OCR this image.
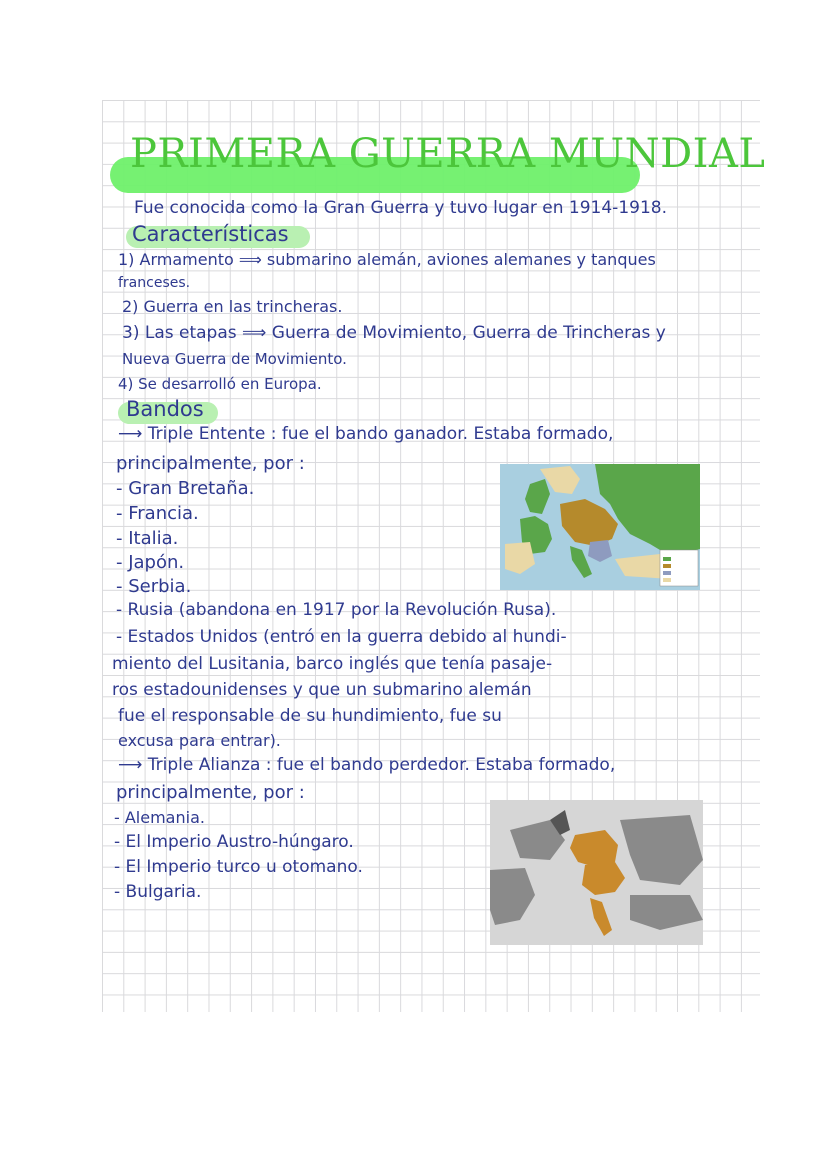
PRIMERA GUERRA MUNDIAL
Fue conocida como la Gran Guerra y tuvo lugar en 1914-1918.
Características
1) Armamento ⟹ submarino alemán, aviones alemanes y tanques
franceses.
2) Guerra en las trincheras.
3) Las etapas ⟹ Guerra de Movimiento, Guerra de Trincheras y
Nueva Guerra de Movimiento.
4) Se desarrolló en Europa.
Bandos
⟶ Triple Entente : fue el bando ganador. Estaba formado,
principalmente, por :
- Gran Bretaña.
- Francia.
- Italia.
- Japón.
- Serbia.
- Rusia (abandona en 1917 por la Revolución Rusa).
- Estados Unidos (entró en la guerra debido al hundi-
miento del Lusitania, barco inglés que tenía pasaje-
ros estadounidenses y que un submarino alemán
fue el responsable de su hundimiento, fue su
excusa para entrar).
⟶ Triple Alianza : fue el bando perdedor. Estaba formado,
principalmente, por :
- Alemania.
- El Imperio Austro-húngaro.
- El Imperio turco u otomano.
- Bulgaria.
